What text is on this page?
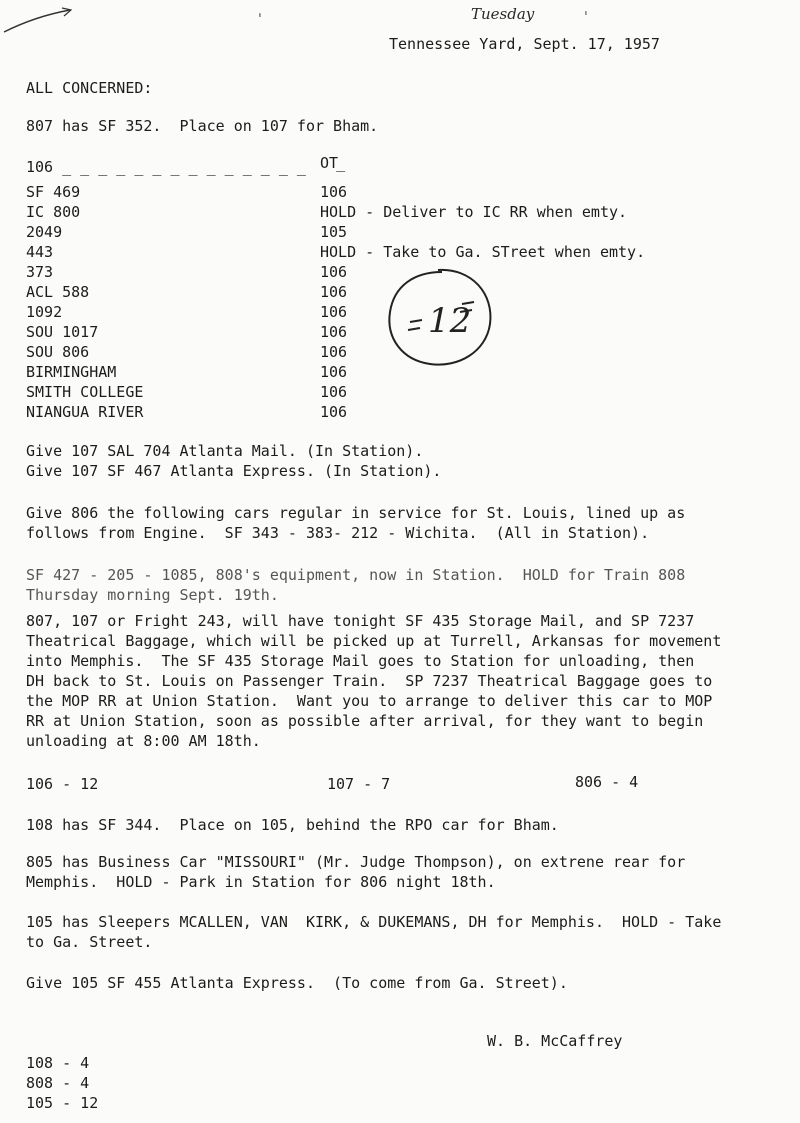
ˈ	ˈ
Tuesday
Tennessee Yard, Sept. 17, 1957
ALL CONCERNED:
807 has SF 352.  Place on 107 for Bham.
106 _ _ _ _ _ _ _ _ _ _ _ _ _ _ OT_
SF 469	106
IC 800	HOLD - Deliver to IC RR when emty.
2049	105
443	HOLD - Take to Ga. STreet when emty.
373	106
ACL 588	106
1092	106
SOU 1017	106
SOU 806	106
BIRMINGHAM	106
SMITH COLLEGE	106
NIANGUA RIVER	106
12
Give 107 SAL 704 Atlanta Mail. (In Station).
Give 107 SF 467 Atlanta Express. (In Station).
Give 806 the following cars regular in service for St. Louis, lined up as
follows from Engine.  SF 343 - 383- 212 - Wichita.  (All in Station).
SF 427 - 205 - 1085, 808's equipment, now in Station.  HOLD for Train 808
Thursday morning Sept. 19th.
807, 107 or Fright 243, will have tonight SF 435 Storage Mail, and SP 7237
Theatrical Baggage, which will be picked up at Turrell, Arkansas for movement
into Memphis.  The SF 435 Storage Mail goes to Station for unloading, then
DH back to St. Louis on Passenger Train.  SP 7237 Theatrical Baggage goes to
the MOP RR at Union Station.  Want you to arrange to deliver this car to MOP
RR at Union Station, soon as possible after arrival, for they want to begin
unloading at 8:00 AM 18th.
106 - 12	107 - 7	806 - 4
108 has SF 344.  Place on 105, behind the RPO car for Bham.
805 has Business Car "MISSOURI" (Mr. Judge Thompson), on extrene rear for
Memphis.  HOLD - Park in Station for 806 night 18th.
105 has Sleepers MCALLEN, VAN  KIRK, & DUKEMANS, DH for Memphis.  HOLD - Take
to Ga. Street.
Give 105 SF 455 Atlanta Express.  (To come from Ga. Street).
W. B. McCaffrey
108 - 4
808 - 4
105 - 12
